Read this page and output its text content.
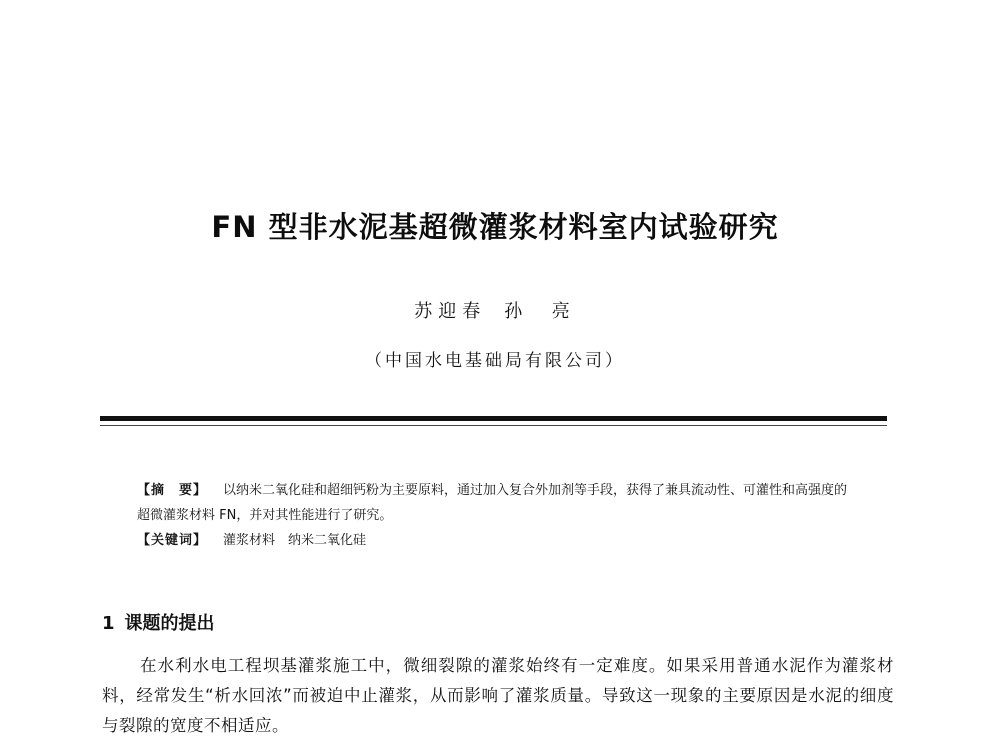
FN 型非水泥基超微灌浆材料室内试验研究
苏迎春 孙  亮
（中国水电基础局有限公司）

【摘　要】 以纳米二氧化硅和超细钙粉为主要原料，通过加入复合外加剂等手段，获得了兼具流动性、可灌性和高强度的超微灌浆材料 FN，并对其性能进行了研究。

【关键词】 灌浆材料　纳米二氧化硅

1 课题的提出

在水利水电工程坝基灌浆施工中，微细裂隙的灌浆始终有一定难度。如果采用普通水泥作为灌浆材料，经常发生“析水回浓”而被迫中止灌浆，从而影响了灌浆质量。导致这一现象的主要原因是水泥的细度与裂隙的宽度不相适应。
